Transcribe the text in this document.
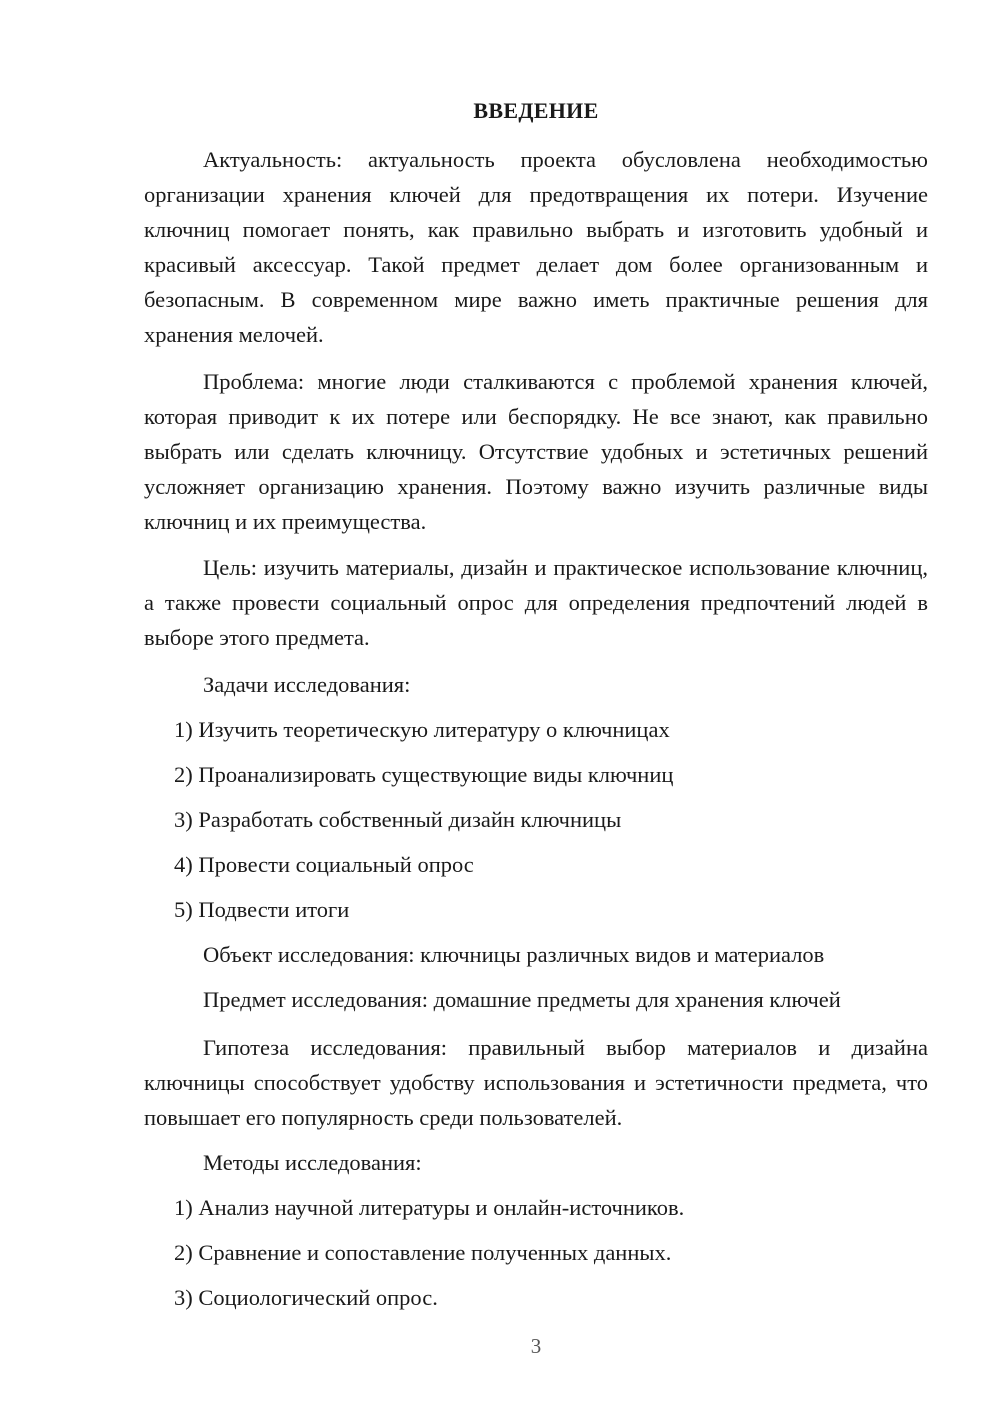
ВВЕДЕНИЕ

Актуальность: актуальность проекта обусловлена необходимостью организации хранения ключей для предотвращения их потери. Изучение ключниц помогает понять, как правильно выбрать и изготовить удобный и красивый аксессуар. Такой предмет делает дом более организованным и безопасным. В современном мире важно иметь практичные решения для хранения мелочей.

Проблема: многие люди сталкиваются с проблемой хранения ключей, которая приводит к их потере или беспорядку. Не все знают, как правильно выбрать или сделать ключницу. Отсутствие удобных и эстетичных решений усложняет организацию хранения. Поэтому важно изучить различные виды ключниц и их преимущества.

Цель: изучить материалы, дизайн и практическое использование ключниц, а также провести социальный опрос для определения предпочтений людей в выборе этого предмета.

Задачи исследования:
1) Изучить теоретическую литературу о ключницах
2) Проанализировать существующие виды ключниц
3) Разработать собственный дизайн ключницы
4) Провести социальный опрос
5) Подвести итоги
Объект исследования: ключницы различных видов и материалов
Предмет исследования: домашние предметы для хранения ключей

Гипотеза исследования: правильный выбор материалов и дизайна ключницы способствует удобству использования и эстетичности предмета, что повышает его популярность среди пользователей.

Методы исследования:
1) Анализ научной литературы и онлайн-источников.
2) Сравнение и сопоставление полученных данных.
3) Социологический опрос.
3
